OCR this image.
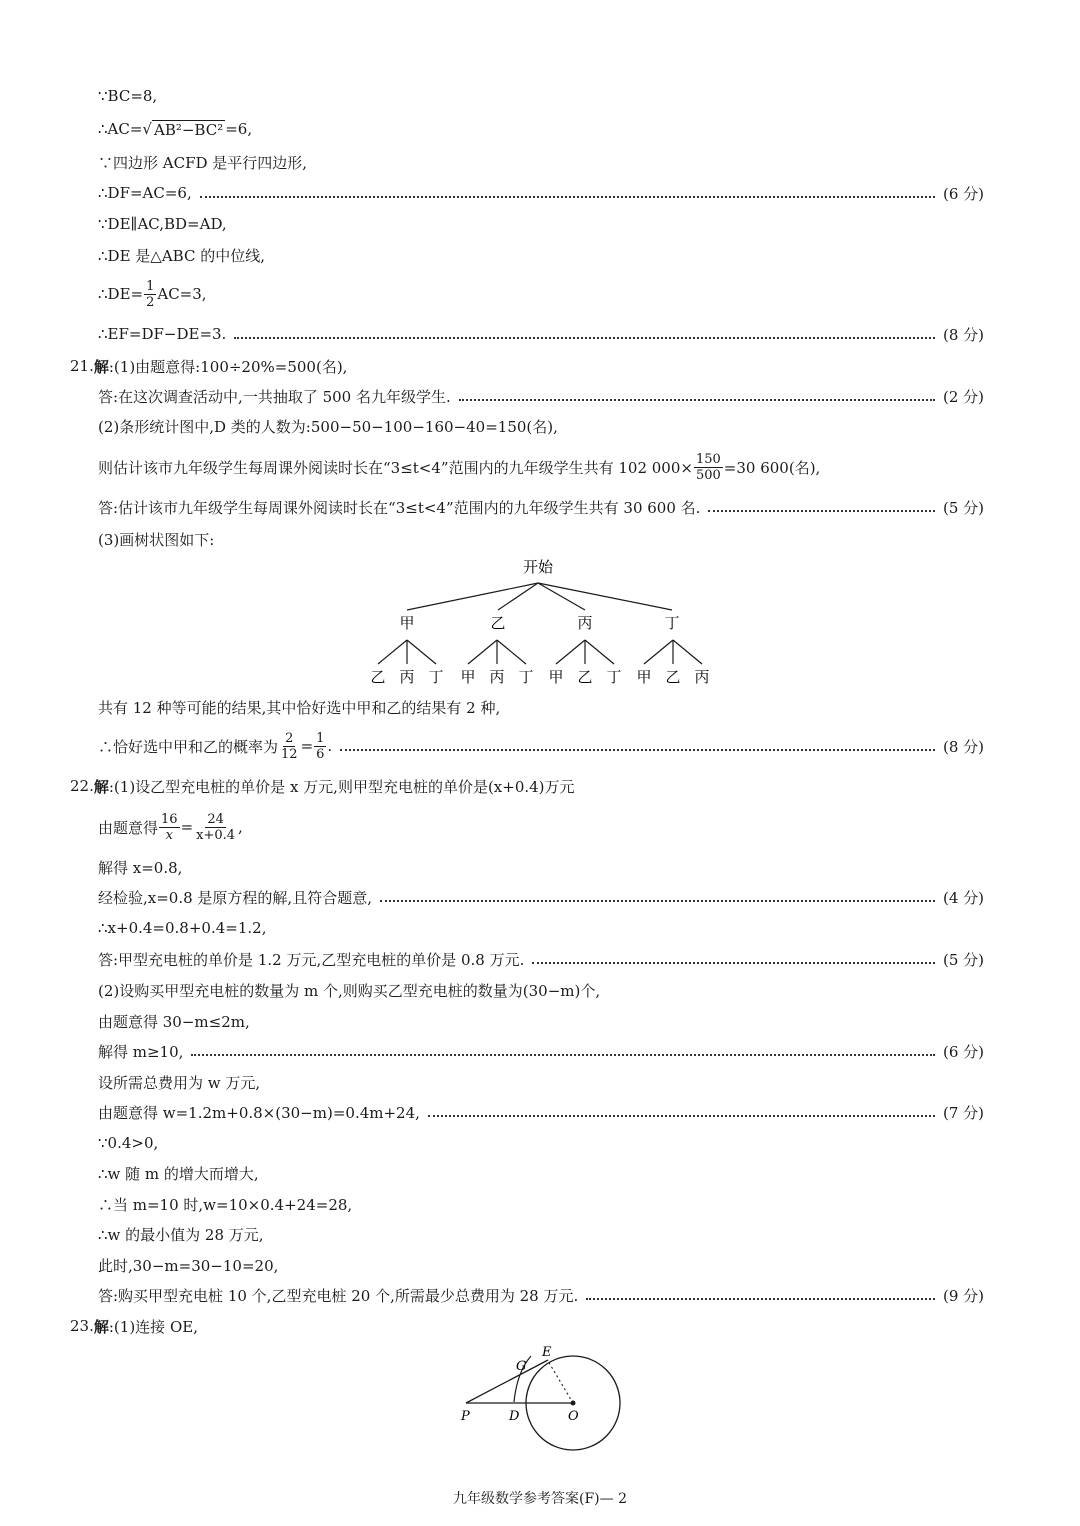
∵BC=8,
∴AC= √ AB²−BC² =6,
∵四边形 ACFD 是平行四边形,
∴DF=AC=6,	(6 分)
∵DE∥AC,BD=AD,
∴DE 是△ABC 的中位线,
∴DE= $\frac{1}{2} AC=3$,
∴EF=DF−DE=3.	(8 分)
21. 解 :(1)由题意得:100÷20%=500(名),
答:在这次调查活动中,一共抽取了 500 名九年级学生.	(2 分)
(2)条形统计图中,D 类的人数为:500−50−100−160−40=150(名),
则估计该市九年级学生每周课外阅读时长在“3≤t<4”范围内的九年级学生共有 102 $000\times \frac{150}{500} =30$ 600(名),
答:估计该市九年级学生每周课外阅读时长在“3≤t<4”范围内的九年级学生共有 30 600 名.	(5 分)
(3)画树状图如下:
开始
甲	乙	丙	丁
乙 丙 丁 甲 丙 丁 甲 乙 丁 甲 乙 丙
共有 12 种等可能的结果,其中恰好选中甲和乙的结果有 2 种,
∴恰好选中甲和乙的概率为 $\frac{2}{12} = \frac{1}{6}$ .	(8 分)
22. 解 :(1)设乙型充电桩的单价是 x 万元,则甲型充电桩的单价是(x+0.4)万元
由题意得 $\frac{16}{x} = \frac{24}{x+0.4}$ ,
解得 x=0.8,
经检验,x=0.8 是原方程的解,且符合题意,	(4 分)
∴x+0.4=0.8+0.4=1.2,
答:甲型充电桩的单价是 1.2 万元,乙型充电桩的单价是 0.8 万元.	(5 分)
(2)设购买甲型充电桩的数量为 m 个,则购买乙型充电桩的数量为(30−m)个,
由题意得 30−m≤2m,
解得 m≥10,	(6 分)
设所需总费用为 w 万元,
由题意得 w=1.2m+0.8×(30−m)=0.4m+24,	(7 分)
∵0.4>0,
∴w 随 m 的增大而增大,
∴当 m=10 时,w=10×0.4+24=28,
∴w 的最小值为 28 万元,
此时,30−m=30−10=20,
答:购买甲型充电桩 10 个,乙型充电桩 20 个,所需最少总费用为 28 万元.	(9 分)
23. 解 :(1)连接 OE,
E
G
P	D	O
九年级数学参考答案(F)— 2
